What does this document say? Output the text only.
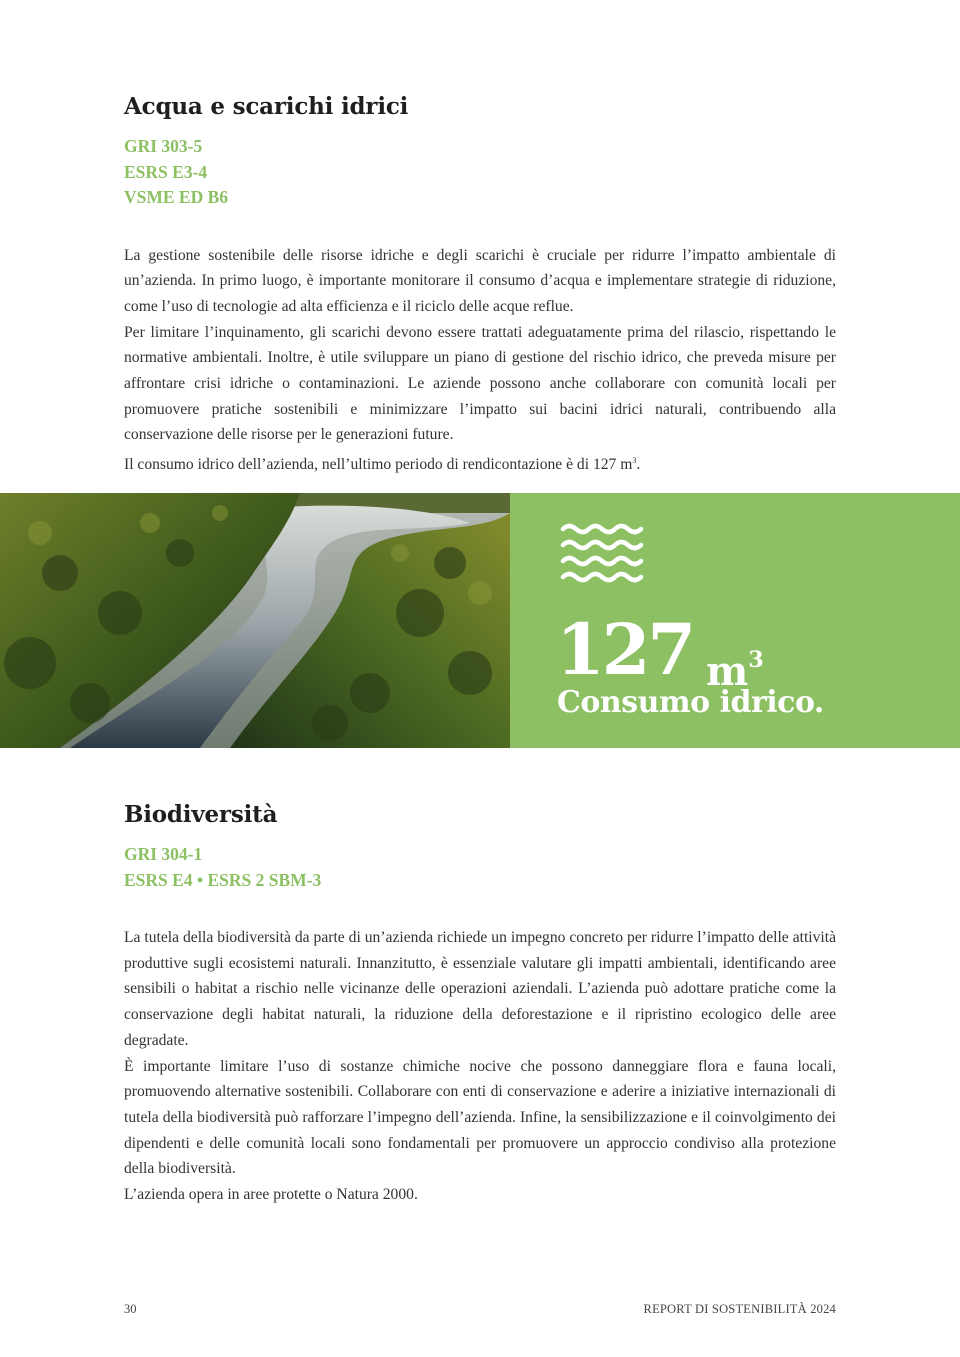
Acqua e scarichi idrici
GRI 303-5
ESRS E3-4
VSME ED B6

La gestione sostenibile delle risorse idriche e degli scarichi è cruciale per ridurre l’impatto ambientale di un’azienda. In primo luogo, è importante monitorare il consumo d’acqua e implementare strategie di riduzione, come l’uso di tecnologie ad alta efficienza e il riciclo delle acque reflue.

Per limitare l’inquinamento, gli scarichi devono essere trattati adeguatamente prima del rilascio, rispettando le normative ambientali. Inoltre, è utile sviluppare un piano di gestione del rischio idrico, che preveda misure per affrontare crisi idriche o contaminazioni. Le aziende possono anche collaborare con comunità locali per promuovere pratiche sostenibili e minimizzare l’impatto sui bacini idrici naturali, contribuendo alla conservazione delle risorse per le generazioni future.

Il consumo idrico dell’azienda, nell’ultimo periodo di rendicontazione è di 127 $m^3$.

127 $m^3$
Consumo idrico.
Biodiversità
GRI 304-1
ESRS E4 • ESRS 2 SBM-3

La tutela della biodiversità da parte di un’azienda richiede un impegno concreto per ridurre l’impatto delle attività produttive sugli ecosistemi naturali. Innanzitutto, è essenziale valutare gli impatti ambientali, identificando aree sensibili o habitat a rischio nelle vicinanze delle operazioni aziendali. L’azienda può adottare pratiche come la conservazione degli habitat naturali, la riduzione della deforestazione e il ripristino ecologico delle aree degradate.

È importante limitare l’uso di sostanze chimiche nocive che possono danneggiare flora e fauna locali, promuovendo alternative sostenibili. Collaborare con enti di conservazione e aderire a iniziative internazionali di tutela della biodiversità può rafforzare l’impegno dell’azienda. Infine, la sensibilizzazione e il coinvolgimento dei dipendenti e delle comunità locali sono fondamentali per promuovere un approccio condiviso alla protezione della biodiversità.

L’azienda opera in aree protette o Natura 2000.

30	REPORT DI SOSTENIBILITÀ 2024
